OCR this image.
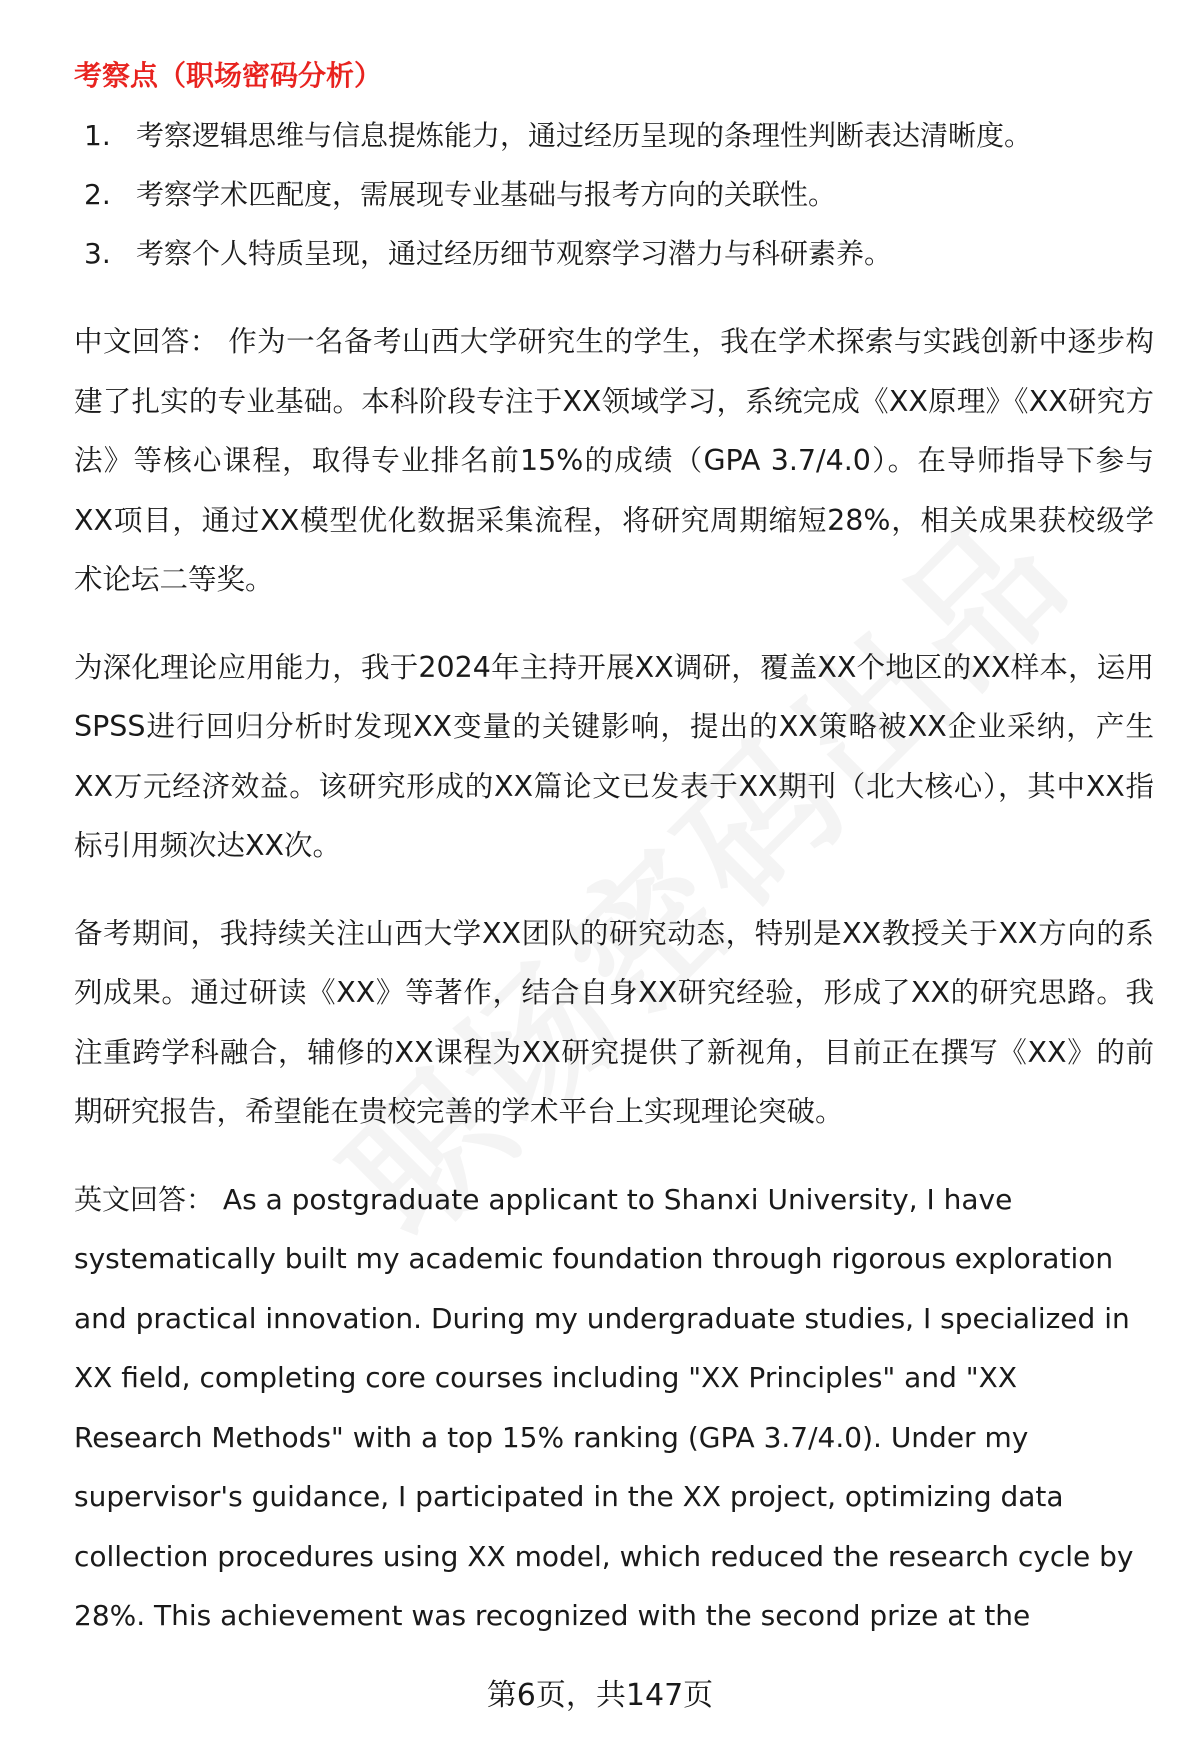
考察点（职场密码分析）
1. 考察逻辑思维与信息提炼能力，通过经历呈现的条理性判断表达清晰度。
2. 考察学术匹配度，需展现专业基础与报考方向的关联性。
3. 考察个人特质呈现，通过经历细节观察学习潜力与科研素养。

中文回答： 作为一名备考山西大学研究生的学生，我在学术探索与实践创新中逐步构建了扎实的专业基础。本科阶段专注于XX领域学习，系统完成《XX原理》《XX研究方法》等核心课程，取得专业排名前15%的成绩（GPA 3.7/4.0）。在导师指导下参与XX项目，通过XX模型优化数据采集流程，将研究周期缩短28%，相关成果获校级学术论坛二等奖。

为深化理论应用能力，我于2024年主持开展XX调研，覆盖XX个地区的XX样本，运用SPSS进行回归分析时发现XX变量的关键影响，提出的XX策略被XX企业采纳，产生XX万元经济效益。该研究形成的XX篇论文已发表于XX期刊（北大核心），其中XX指标引用频次达XX次。

备考期间，我持续关注山西大学XX团队的研究动态，特别是XX教授关于XX方向的系列成果。通过研读《XX》等著作，结合自身XX研究经验，形成了XX的研究思路。我注重跨学科融合，辅修的XX课程为XX研究提供了新视角，目前正在撰写《XX》的前期研究报告，希望能在贵校完善的学术平台上实现理论突破。

英文回答： As a postgraduate applicant to Shanxi University, I have systematically built my academic foundation through rigorous exploration and practical innovation. During my undergraduate studies, I specialized in XX field, completing core courses including "XX Principles" and "XX Research Methods" with a top 15% ranking (GPA 3.7/4.0). Under my supervisor's guidance, I participated in the XX project, optimizing data collection procedures using XX model, which reduced the research cycle by 28%. This achievement was recognized with the second prize at the

第6页，共147页
